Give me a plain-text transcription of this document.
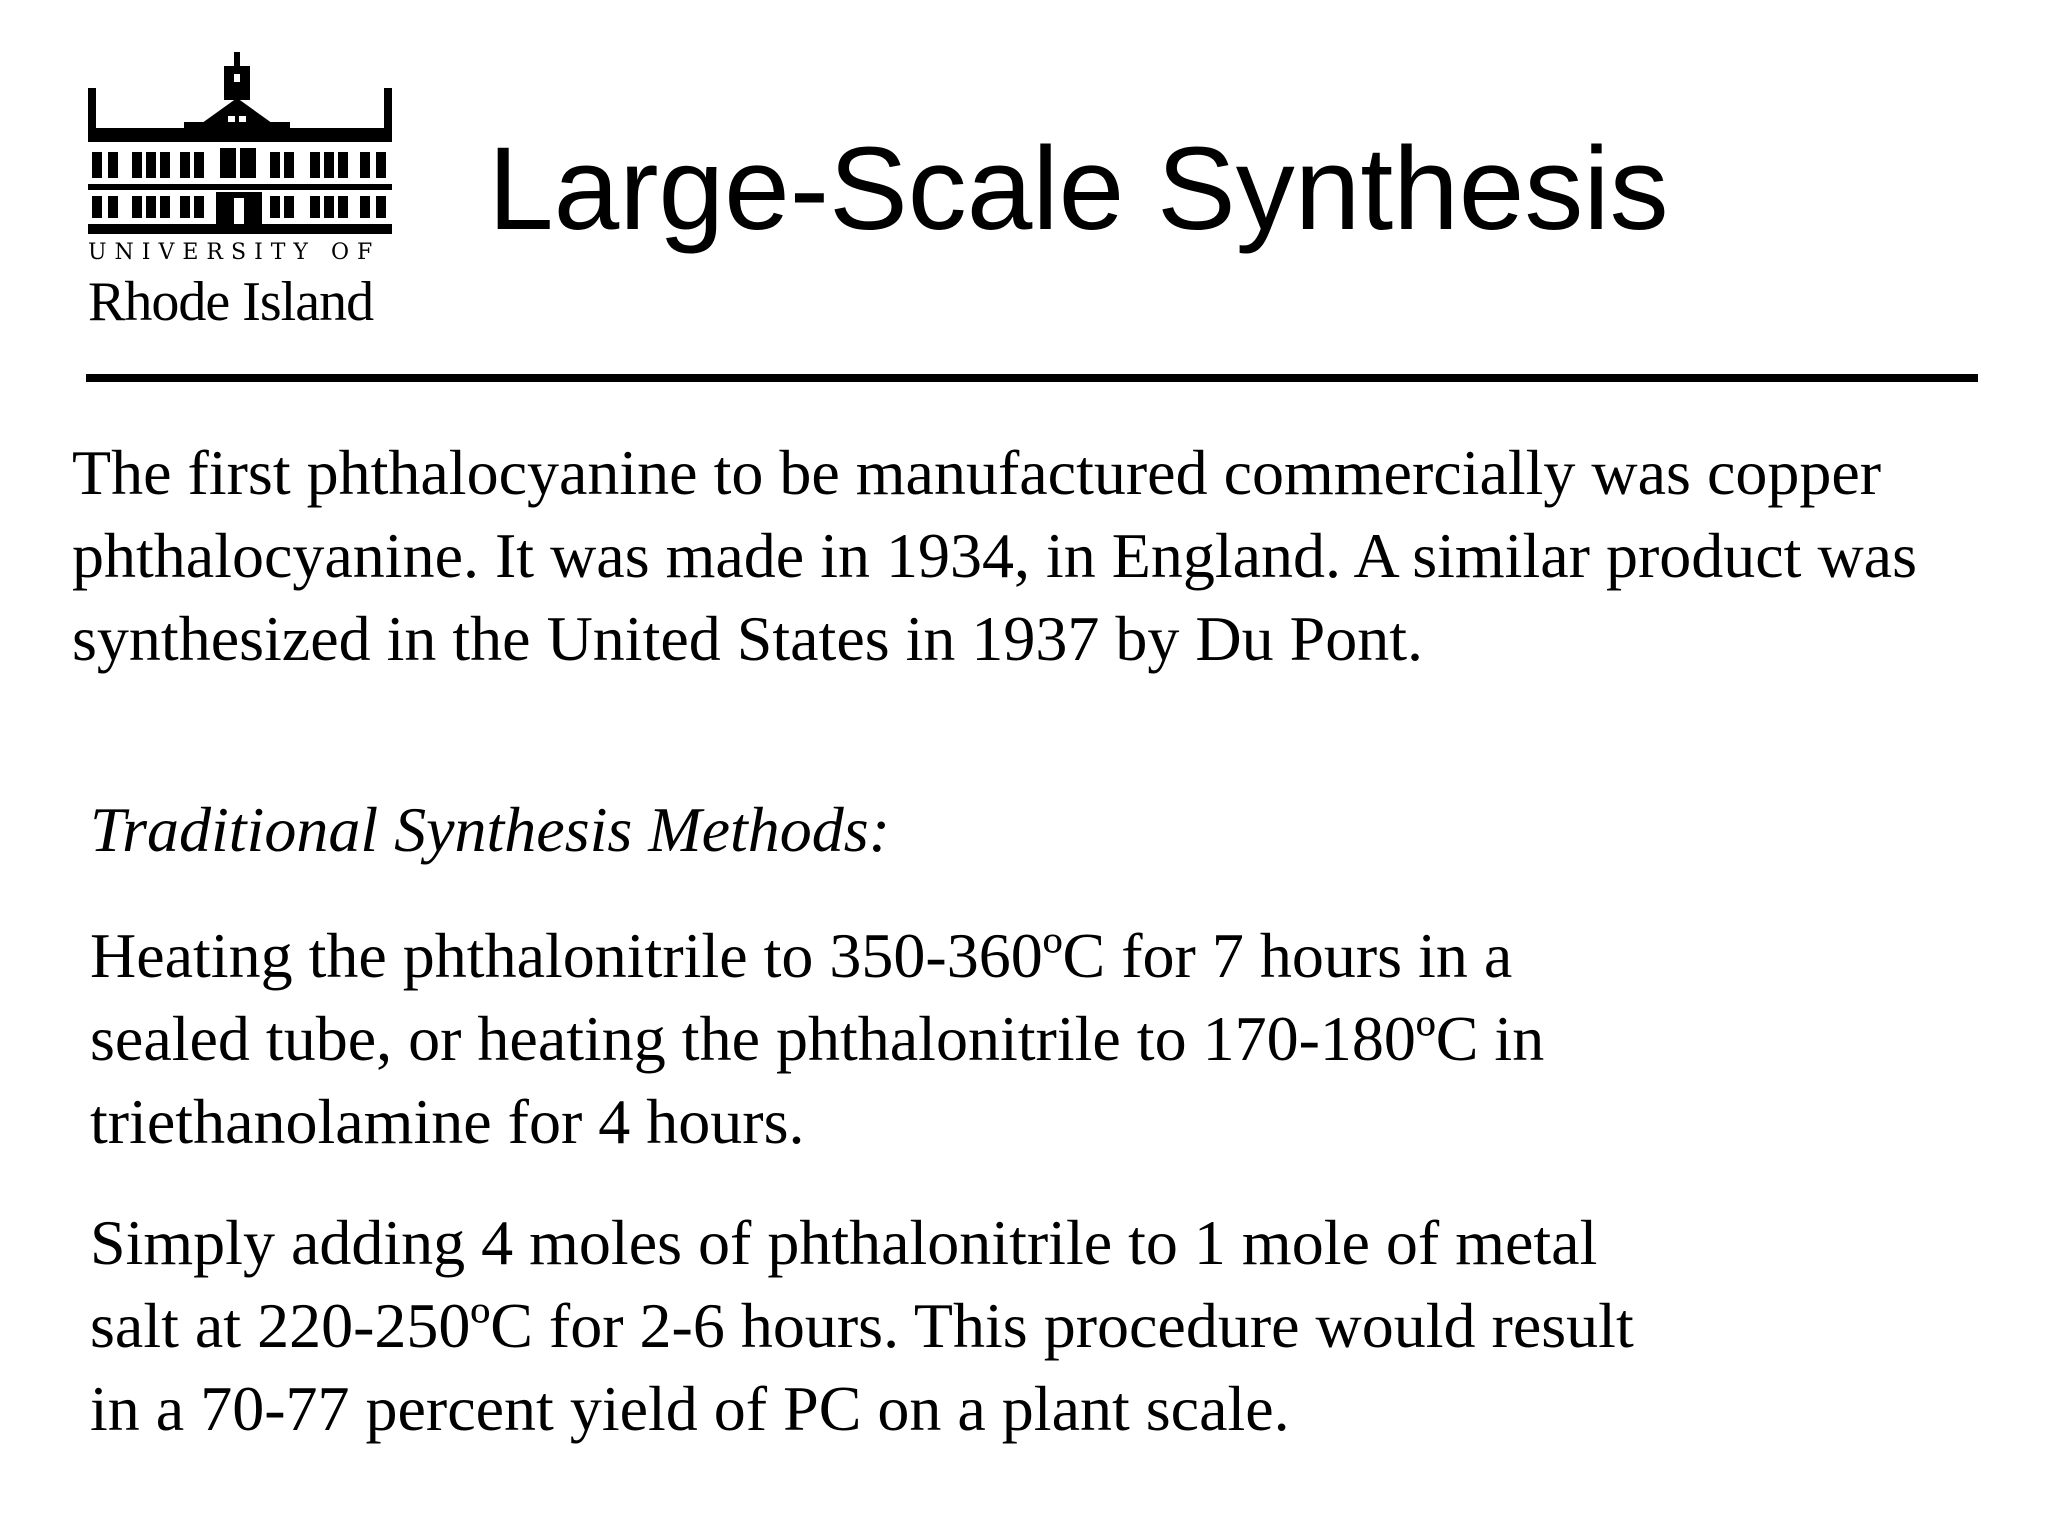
UNIVERSITY OF
Rhode Island
Large-Scale Synthesis

The first phthalocyanine to be manufactured commercially was copper phthalocyanine. It was made in 1934, in England. A similar product was synthesized in the United States in 1937 by Du Pont.

Traditional Synthesis Methods:

Heating the phthalonitrile to 350-360ºC for 7 hours in a sealed tube, or heating the phthalonitrile to 170-180ºC in triethanolamine for 4 hours.

Simply adding 4 moles of phthalonitrile to 1 mole of metal salt at 220-250ºC for 2-6 hours. This procedure would result in a 70-77 percent yield of PC on a plant scale.
